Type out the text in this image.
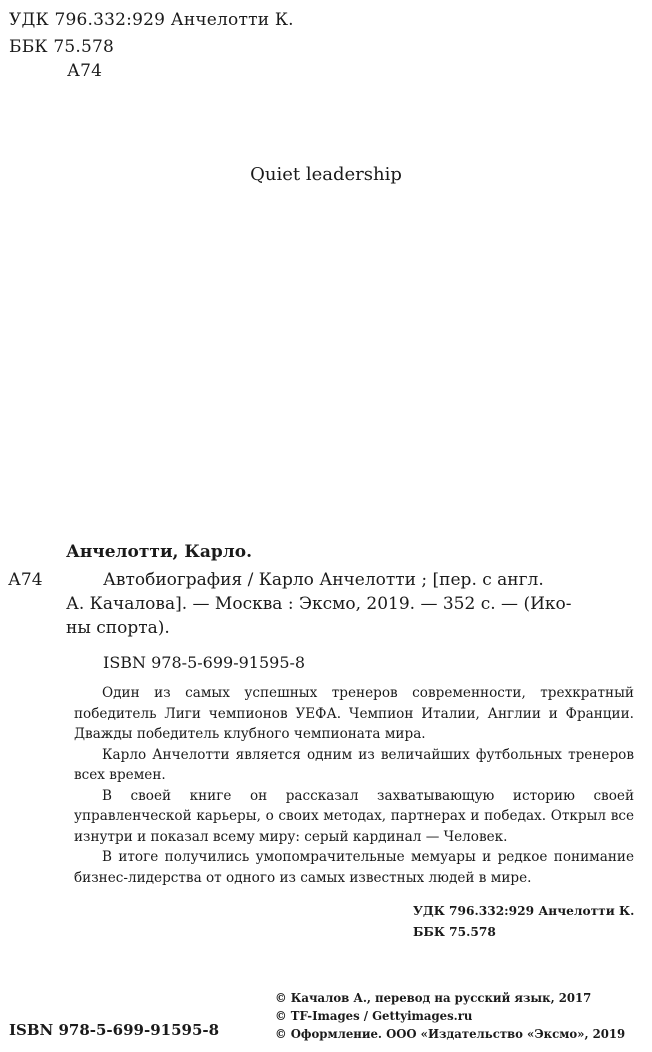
УДК 796.332:929 Анчелотти К.
ББК 75.578
А74
Quiet leadership
Анчелотти, Карло.
А74	Автобиография / Карло Анчелотти ; [пер. с англ.
А. Качалова]. — Москва : Эксмо, 2019. — 352 с. — (Ико-
ны спорта).
ISBN 978-5-699-91595-8

Один из самых успешных тренеров современности, трехкратный победитель Лиги чемпионов УЕФА. Чемпион Италии, Англии и Франции. Дважды победитель клубного чемпионата мира.

Карло Анчелотти является одним из величайших футбольных тренеров всех времен.

В своей книге он рассказал захватывающую историю своей управленческой карьеры, о своих методах, партнерах и победах. Открыл все изнутри и показал всему миру: серый кардинал — Человек.

В итоге получились умопомрачительные мемуары и редкое понимание бизнес-лидерства от одного из самых известных людей в мире.

УДК 796.332:929 Анчелотти К.
ББК 75.578
© Качалов А., перевод на русский язык, 2017
© TF-Images / Gettyimages.ru
© Оформление. ООО «Издательство «Эксмо», 2019
ISBN 978-5-699-91595-8
